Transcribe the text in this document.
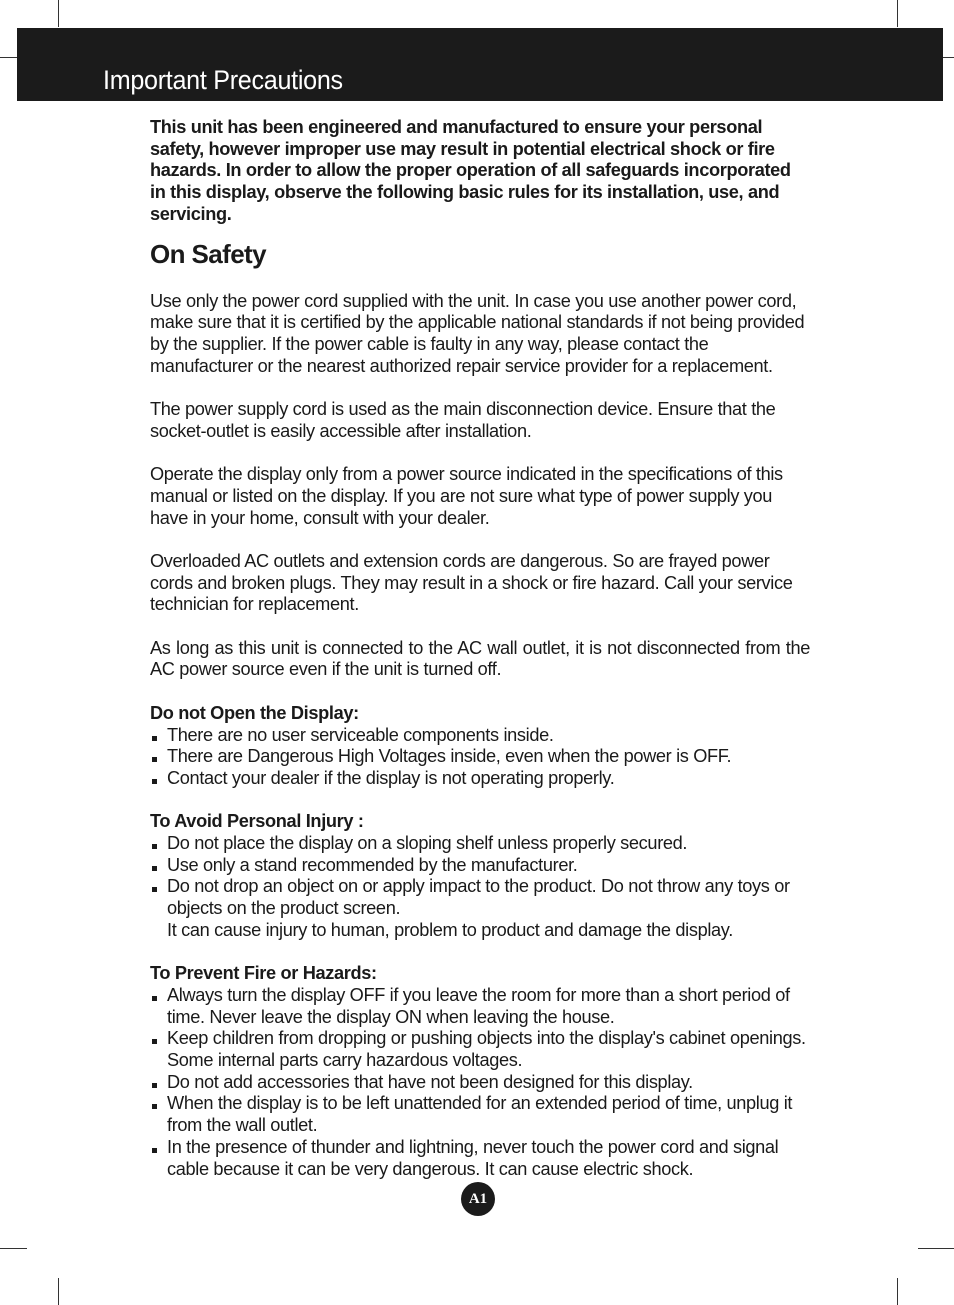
Important Precautions

This unit has been engineered and manufactured to ensure your personal safety, however improper use may result in potential electrical shock or fire hazards. In order to allow the proper operation of all safeguards incorporated in this display, observe the following basic rules for its installation, use, and servicing.

On Safety

Use only the power cord supplied with the unit. In case you use another power cord, make sure that it is certified by the applicable national standards if not being provided by the supplier. If the power cable is faulty in any way, please contact the manufacturer or the nearest authorized repair service provider for a replacement.

The power supply cord is used as the main disconnection device. Ensure that the socket-outlet is easily accessible after installation.

Operate the display only from a power source indicated in the specifications of this manual or listed on the display. If you are not sure what type of power supply you have in your home, consult with your dealer.

Overloaded AC outlets and extension cords are dangerous. So are frayed power cords and broken plugs. They may result in a shock or fire hazard. Call your service technician for replacement.

As long as this unit is connected to the AC wall outlet, it is not disconnected from the AC power source even if the unit is turned off.

Do not Open the Display:

There are no user serviceable components inside.
There are Dangerous High Voltages inside, even when the power is OFF.
Contact your dealer if the display is not operating properly.

To Avoid Personal Injury :

Do not place the display on a sloping shelf unless properly secured.
Use only a stand recommended by the manufacturer.
Do not drop an object on or apply impact to the product. Do not throw any toys or objects on the product screen.

It can cause injury to human, problem to product and damage the display.

To Prevent Fire or Hazards:

Always turn the display OFF if you leave the room for more than a short period of time. Never leave the display ON when leaving the house.
Keep children from dropping or pushing objects into the display's cabinet openings. Some internal parts carry hazardous voltages.
Do not add accessories that have not been designed for this display.
When the display is to be left unattended for an extended period of time, unplug it from the wall outlet.
In the presence of thunder and lightning, never touch the power cord and signal cable because it can be very dangerous. It can cause electric shock.
A1
